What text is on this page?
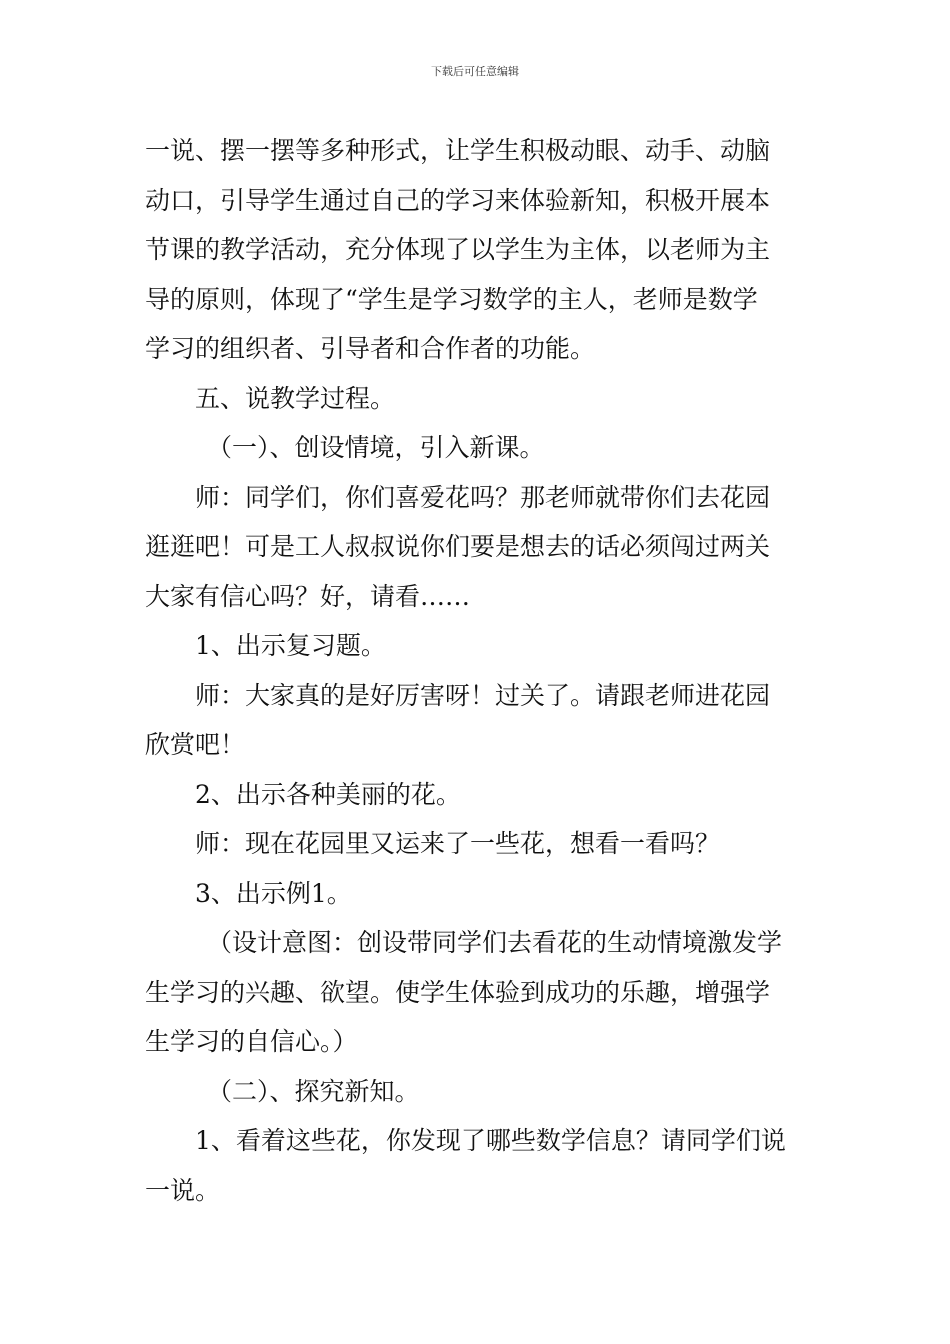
下载后可任意编辑
一说、摆一摆等多种形式，让学生积极动眼、动手、动脑
动口，引导学生通过自己的学习来体验新知，积极开展本
节课的教学活动，充分体现了以学生为主体，以老师为主
导的原则，体现了“学生是学习数学的主人，老师是数学
学习的组织者、引导者和合作者的功能。
五、说教学过程。
（一）、创设情境，引入新课。
师：同学们，你们喜爱花吗？那老师就带你们去花园
逛逛吧！可是工人叔叔说你们要是想去的话必须闯过两关
大家有信心吗？好，请看……
1、出示复习题。
师：大家真的是好厉害呀！过关了。请跟老师进花园
欣赏吧！
2、出示各种美丽的花。
师：现在花园里又运来了一些花，想看一看吗？
3、出示例1。
（设计意图：创设带同学们去看花的生动情境激发学
生学习的兴趣、欲望。使学生体验到成功的乐趣，增强学
生学习的自信心。）
（二）、探究新知。
1、看着这些花，你发现了哪些数学信息？请同学们说
一说。
